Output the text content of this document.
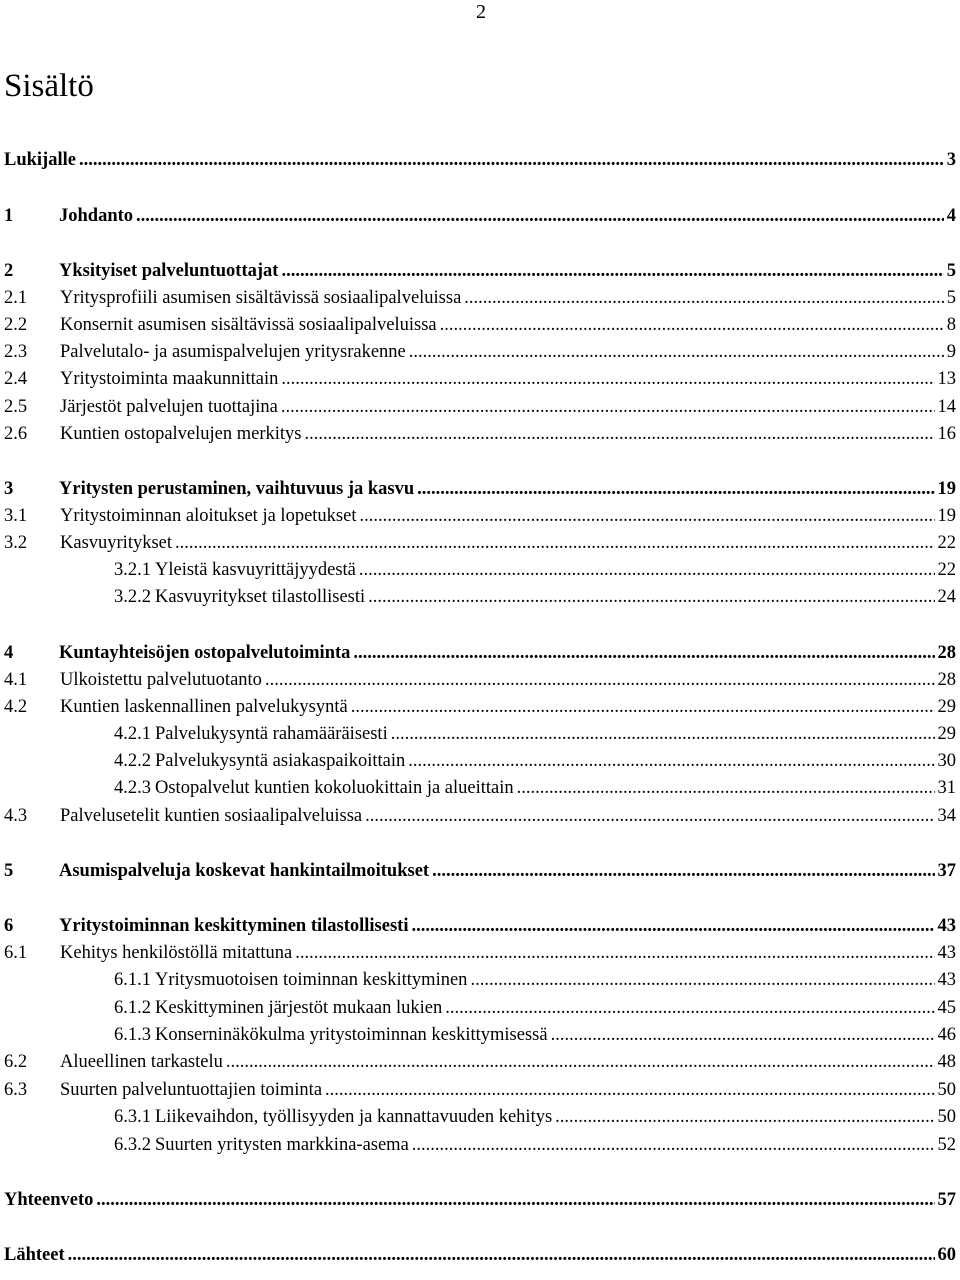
2
Sisältö
Lukijalle .....	3
1	Johdanto .....	4
2	Yksityiset palveluntuottajat .....	5
2.1	Yritysprofiili asumisen sisältävissä sosiaalipalveluissa .....	5
2.2	Konsernit asumisen sisältävissä sosiaalipalveluissa .....	8
2.3	Palvelutalo- ja asumispalvelujen yritysrakenne .....	9
2.4	Yritystoiminta maakunnittain .....	13
2.5	Järjestöt palvelujen tuottajina .....	14
2.6	Kuntien ostopalvelujen merkitys .....	16
3	Yritysten perustaminen, vaihtuvuus ja kasvu .....	19
3.1	Yritystoiminnan aloitukset ja lopetukset .....	19
3.2	Kasvuyritykset .....	22
3.2.1 Yleistä kasvuyrittäjyydestä .....	22
3.2.2 Kasvuyritykset tilastollisesti .....	24
4	Kuntayhteisöjen ostopalvelutoiminta .....	28
4.1	Ulkoistettu palvelutuotanto .....	28
4.2	Kuntien laskennallinen palvelukysyntä .....	29
4.2.1 Palvelukysyntä rahamääräisesti .....	29
4.2.2 Palvelukysyntä asiakaspaikoittain .....	30
4.2.3 Ostopalvelut kuntien kokoluokittain ja alueittain .....	31
4.3	Palvelusetelit kuntien sosiaalipalveluissa .....	34
5	Asumispalveluja koskevat hankintailmoitukset .....	37
6	Yritystoiminnan keskittyminen tilastollisesti .....	43
6.1	Kehitys henkilöstöllä mitattuna .....	43
6.1.1 Yritysmuotoisen toiminnan keskittyminen .....	43
6.1.2 Keskittyminen järjestöt mukaan lukien .....	45
6.1.3 Konserninäkökulma yritystoiminnan keskittymisessä .....	46
6.2	Alueellinen tarkastelu .....	48
6.3	Suurten palveluntuottajien toiminta .....	50
6.3.1 Liikevaihdon, työllisyyden ja kannattavuuden kehitys .....	50
6.3.2 Suurten yritysten markkina-asema .....	52
Yhteenveto .....	57
Lähteet .....	60
